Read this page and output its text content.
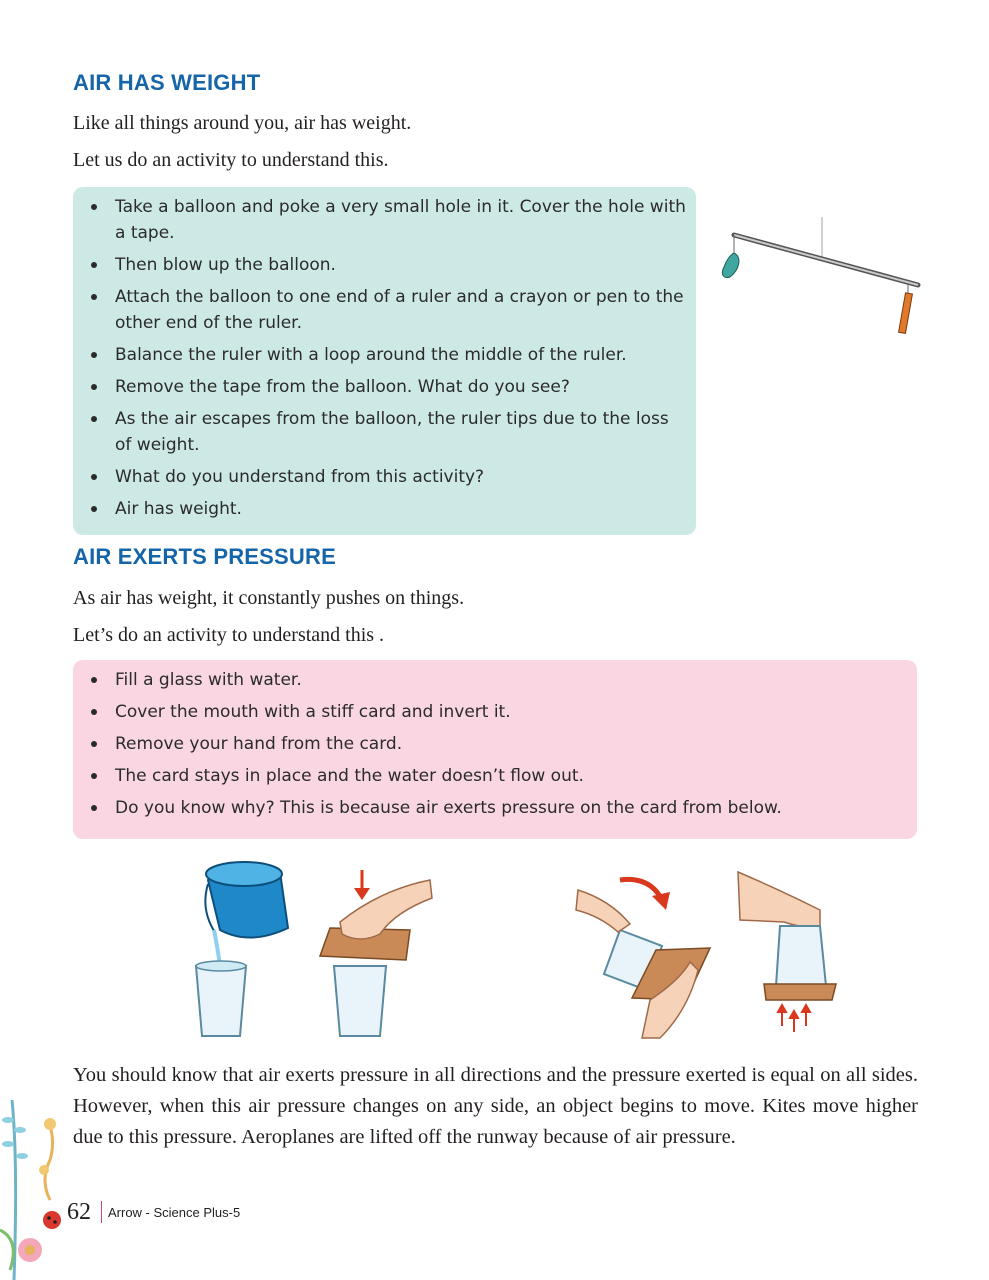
AIR HAS WEIGHT

Like all things around you, air has weight.

Let us do an activity to understand this.

Take a balloon and poke a very small hole in it. Cover the hole with a tape.
Then blow up the balloon.
Attach the balloon to one end of a ruler and a crayon or pen to the other end of the ruler.
Balance the ruler with a loop around the middle of the ruler.
Remove the tape from the balloon. What do you see?
As the air escapes from the balloon, the ruler tips due to the loss of weight.
What do you understand from this activity?
Air has weight.
AIR EXERTS PRESSURE

As air has weight, it constantly pushes on things.

Let’s do an activity to understand this .

Fill a glass with water.
Cover the mouth with a stiff card and invert it.
Remove your hand from the card.
The card stays in place and the water doesn’t flow out.
Do you know why? This is because air exerts pressure on the card from below.

You should know that air exerts pressure in all directions and the pressure exerted is equal on all sides. However, when this air pressure changes on any side, an object begins to move. Kites move higher due to this pressure. Aeroplanes are lifted off the runway because of air pressure.

62 Arrow - Science Plus-5
